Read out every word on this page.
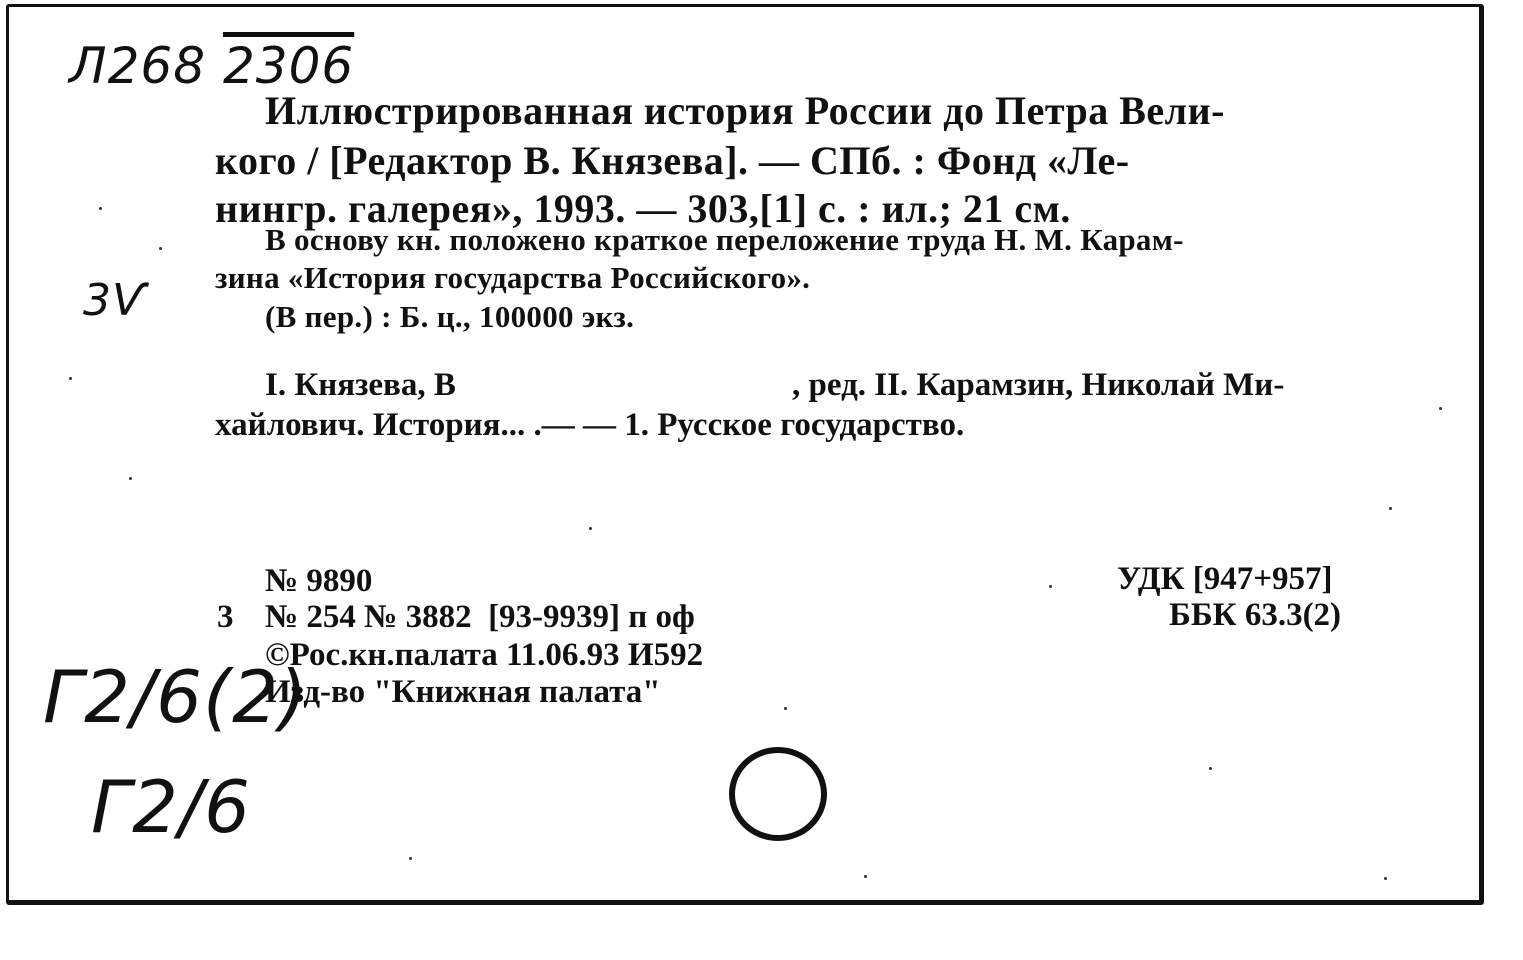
Л268 2306
3Ѵ
Г2/6(2)
Г2/6
Иллюстрированная история России до Петра Вели-
кого / [Редактор В. Князева]. — СПб. : Фонд «Ле-
нингр. галерея», 1993. — 303,[1] с. : ил.; 21 см.
В основу кн. положено краткое переложение труда Н. М. Карам-
зина «История государства Российского».
(В пер.) : Б. ц., 100000 экз.
I. Князева, В	, ред. II. Карамзин, Николай Ми-
хайлович. История... .— — 1. Русское государство.
№ 9890
3 № 254 № 3882  [93-9939] п оф
©Рос.кн.палата 11.06.93 И592
Изд-во "Книжная палата"
УДК [947+957]
ББК 63.3(2)
